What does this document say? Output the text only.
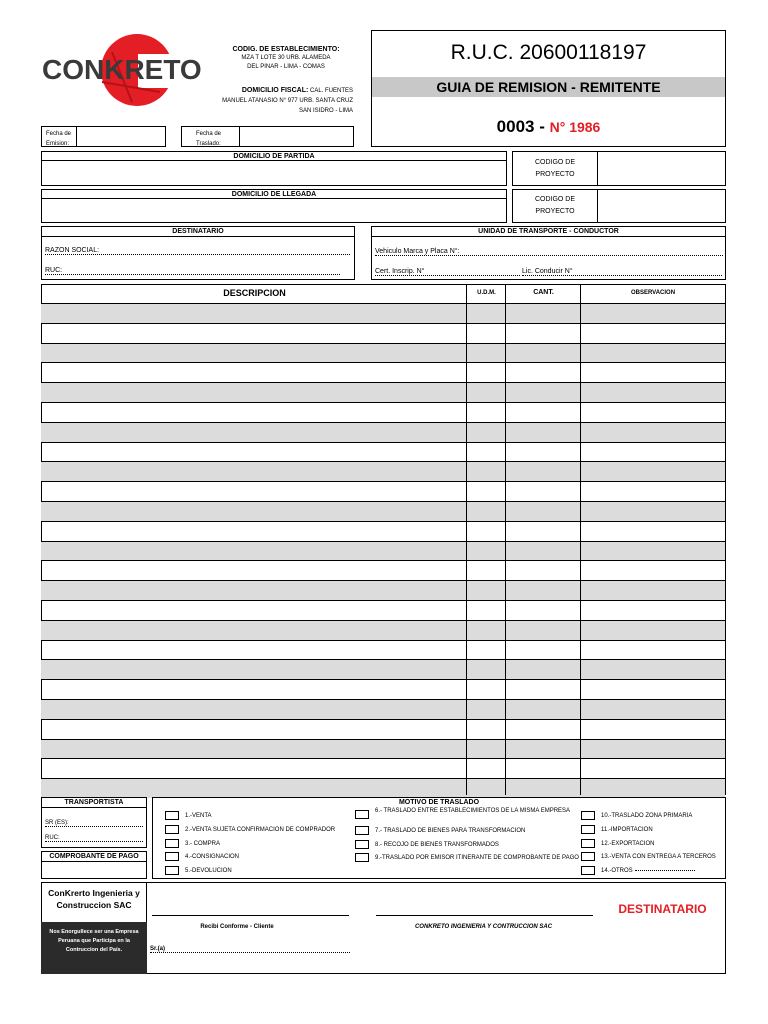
CONKRETO
CODIG. DE ESTABLECIMIENTO:
MZA T LOTE 30 URB. ALAMEDA
DEL PINAR - LIMA - COMAS
DOMICILIO FISCAL: CAL. FUENTES
MANUEL ATANASIO N° 977 URB. SANTA CRUZ
SAN ISIDRO - LIMA
R.U.C. 20600118197
GUIA DE REMISION - REMITENTE
0003 - N° 1986
Fecha de
Emision:
Fecha de
Traslado:
DOMICILIO DE PARTIDA
CODIGO DE
PROYECTO
DOMICILIO DE LLEGADA
CODIGO DE
PROYECTO
DESTINATARIO
RAZON SOCIAL:
RUC:
UNIDAD DE TRANSPORTE - CONDUCTOR
Vehiculo Marca y Placa N°:
Cert. Inscrip. N°	Lic. Conducir N°
DESCRIPCION	U.D.M.	CANT.	OBSERVACION
TRANSPORTISTA
SR (ES):
RUC:
COMPROBANTE DE PAGO
MOTIVO DE TRASLADO
1.-VENTA
2.-VENTA SUJETA CONFIRMACION DE COMPRADOR
3.- COMPRA
4.-CONSIGNACION
5.-DEVOLUCION
6.- TRASLADO ENTRE ESTABLECIMIENTOS DE LA MISMA EMPRESA
7.- TRASLADO DE BIENES PARA TRANSFORMACION
8.- RECOJO DE BIENES TRANSFORMADOS
9.-TRASLADO POR EMISOR ITINERANTE DE COMPROBANTE DE PAGO
10.-TRASLADO ZONA PRIMARIA
11.-IMPORTACION
12.-EXPORTACION
13.-VENTA CON ENTREGA A TERCEROS
14.-OTROS
ConKrerto Ingenieria y
Construccion SAC
Nos Enorgullece ser una Empresa
Peruana que Participa en la
Contruccion del País.
Recibi Conforme - Cliente
Sr.(a)
CONKRETO INGENIERIA Y CONTRUCCION SAC
DESTINATARIO
